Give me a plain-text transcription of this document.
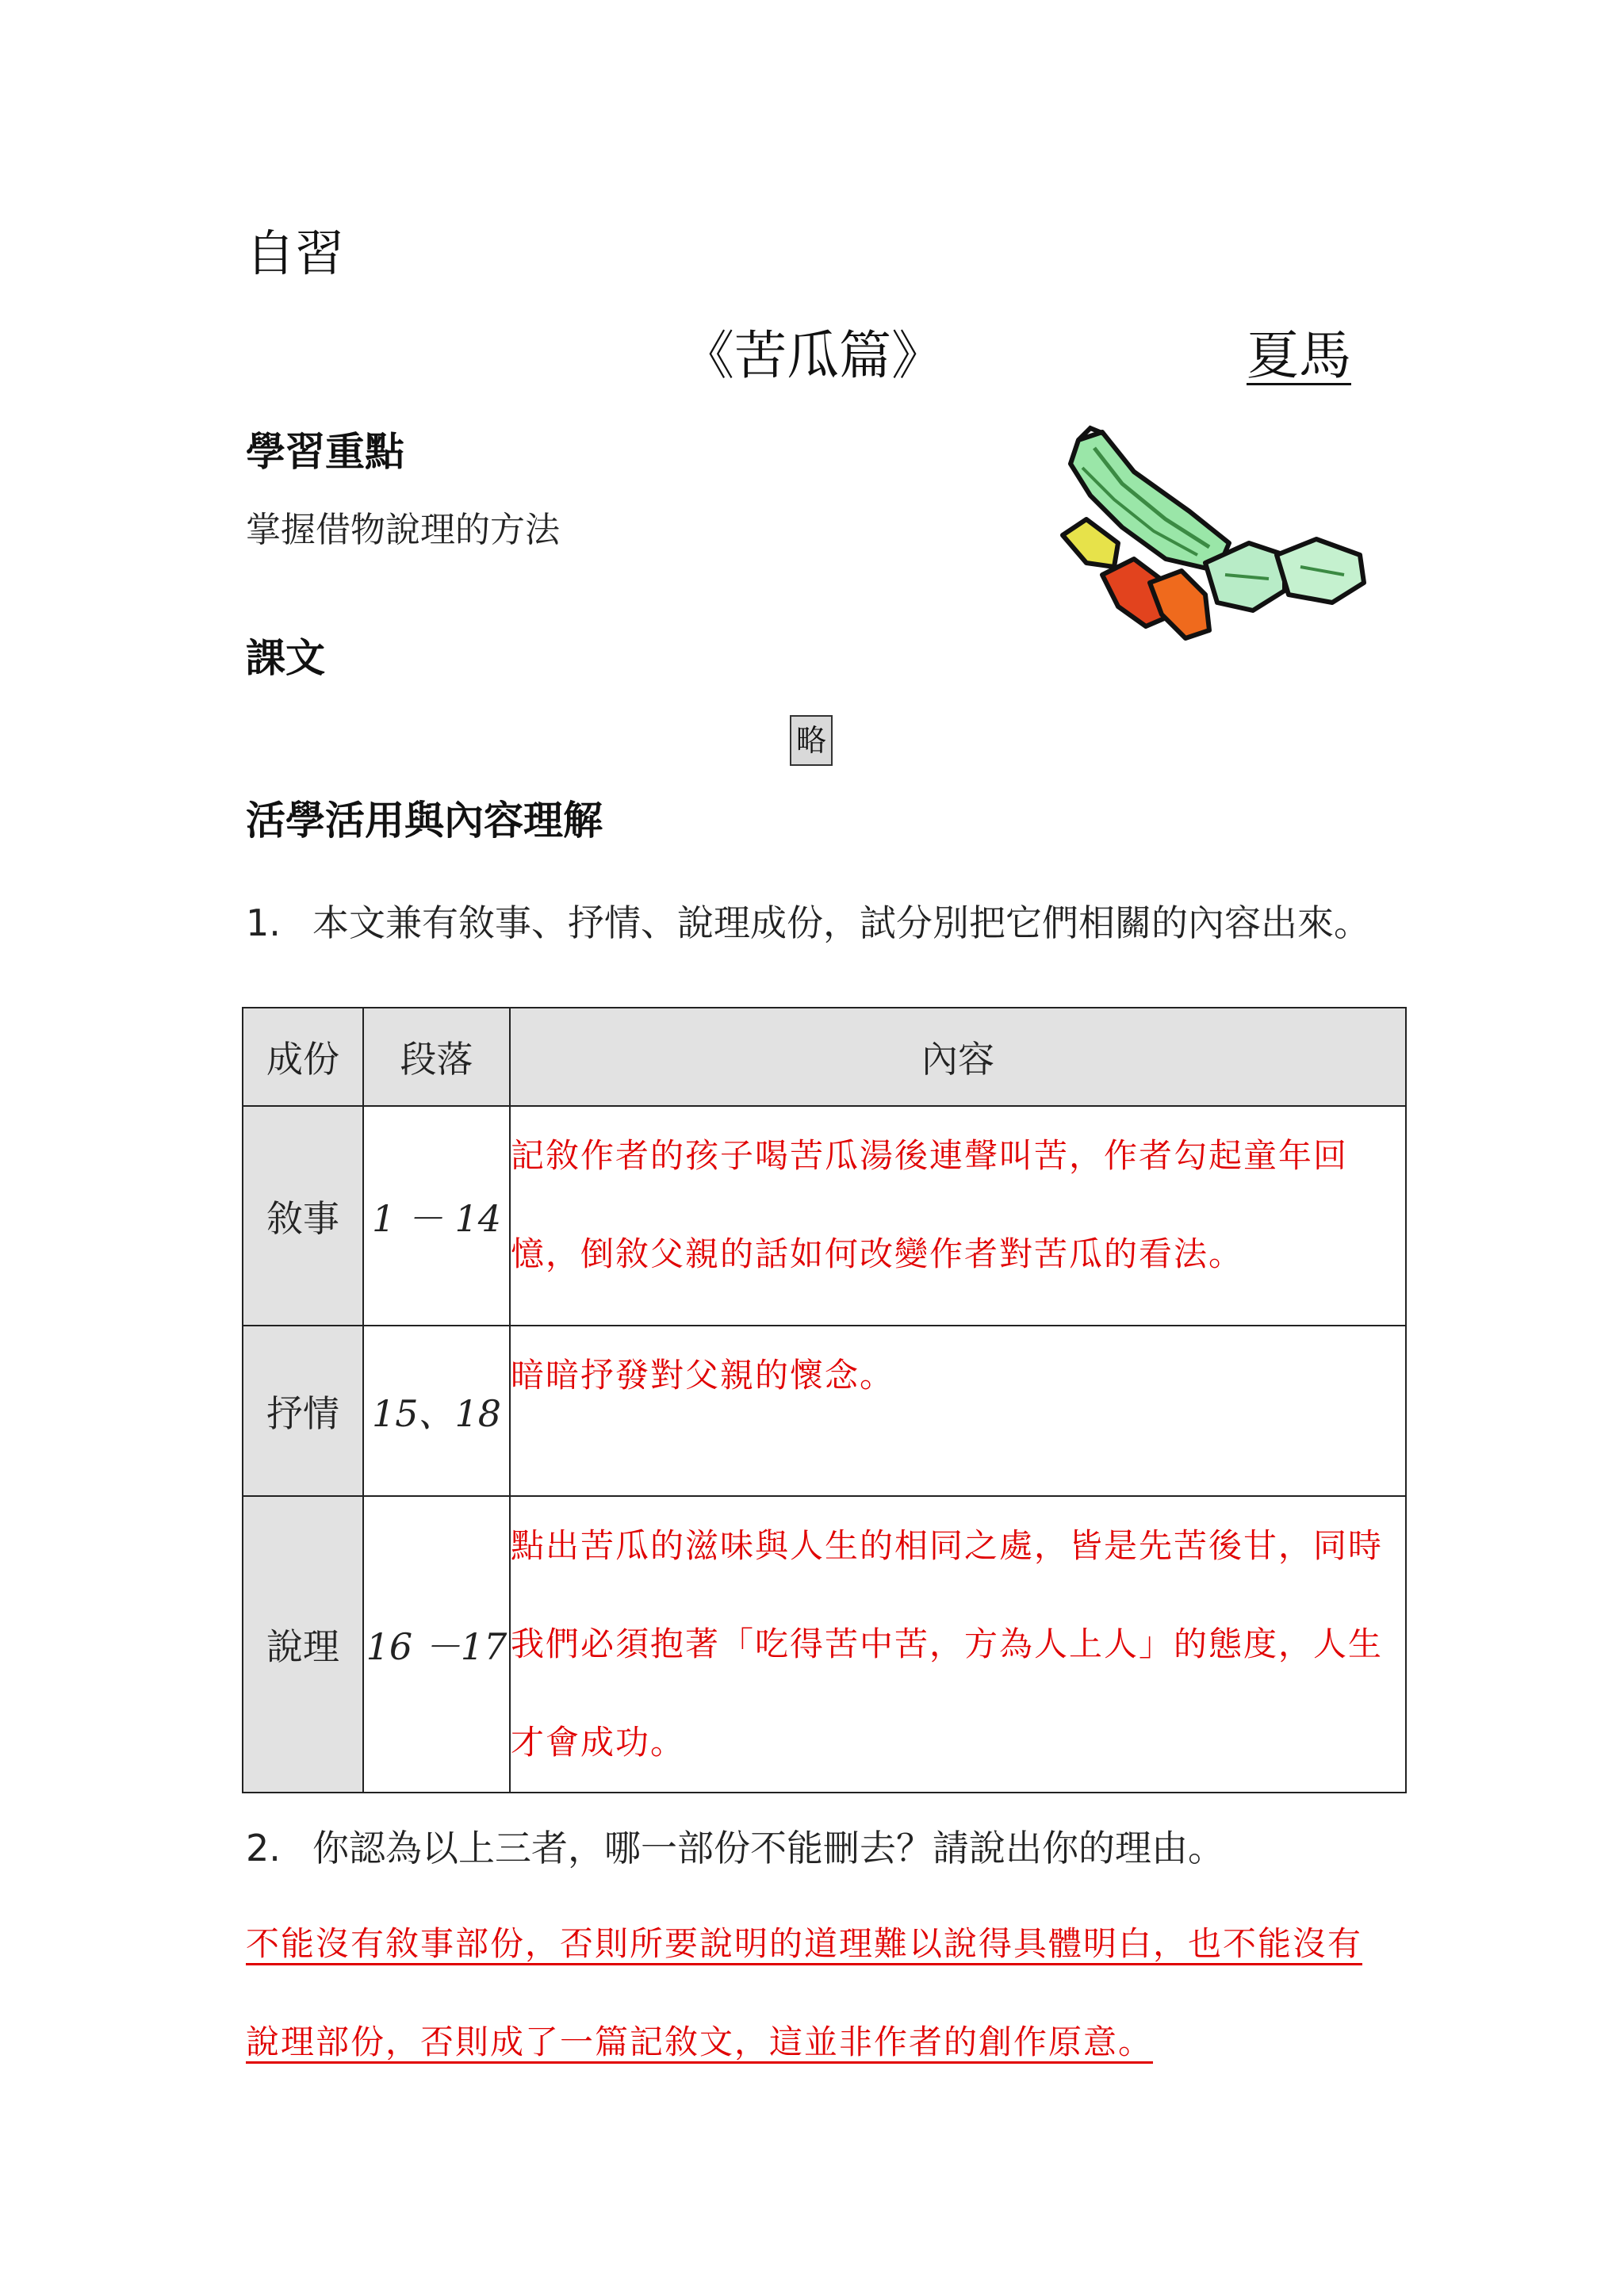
自習
《苦瓜篇》	夏馬
學習重點
掌握借物說理的方法
課文
略
活學活用與內容理解
1. 本文兼有敘事、抒情、說理成份，試分別把它們相關的內容出來。
成份	段落	內容
敘事	1 － 14	記敘作者的孩子喝苦瓜湯後連聲叫苦，作者勾起童年回憶，倒敘父親的話如何改變作者對苦瓜的看法。
抒情	15、18	暗暗抒發對父親的懷念。
說理	16 －17	點出苦瓜的滋味與人生的相同之處，皆是先苦後甘，同時我們必須抱著「吃得苦中苦，方為人上人」的態度，人生才會成功。
2. 你認為以上三者，哪一部份不能刪去？請說出你的理由。
不能沒有敘事部份，否則所要說明的道理難以說得具體明白，也不能沒有說理部份，否則成了一篇記敘文，這並非作者的創作原意。
